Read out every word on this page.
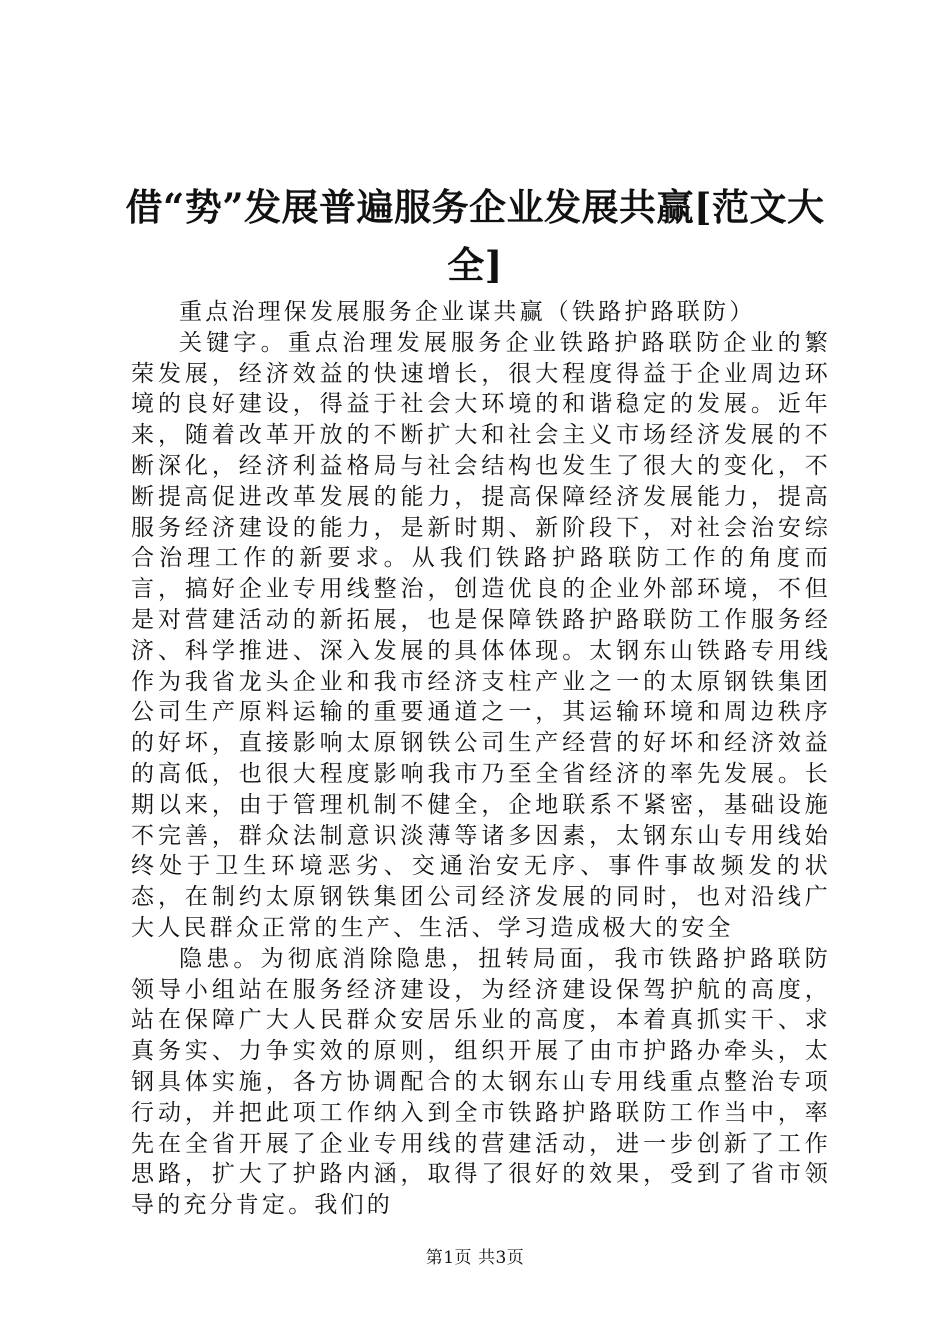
借“势”发展普遍服务企业发展共赢[范文大全]

重点治理保发展服务企业谋共赢（铁路护路联防）

关键字。重点治理发展服务企业铁路护路联防企业的繁荣发展，经济效益的快速增长，很大程度得益于企业周边环境的良好建设，得益于社会大环境的和谐稳定的发展。近年来，随着改革开放的不断扩大和社会主义市场经济发展的不断深化，经济利益格局与社会结构也发生了很大的变化，不断提高促进改革发展的能力，提高保障经济发展能力，提高服务经济建设的能力，是新时期、新阶段下，对社会治安综合治理工作的新要求。从我们铁路护路联防工作的角度而言，搞好企业专用线整治，创造优良的企业外部环境，不但是对营建活动的新拓展，也是保障铁路护路联防工作服务经济、科学推进、深入发展的具体体现。太钢东山铁路专用线作为我省龙头企业和我市经济支柱产业之一的太原钢铁集团公司生产原料运输的重要通道之一，其运输环境和周边秩序的好坏，直接影响太原钢铁公司生产经营的好坏和经济效益的高低，也很大程度影响我市乃至全省经济的率先发展。长期以来，由于管理机制不健全，企地联系不紧密，基础设施不完善，群众法制意识淡薄等诸多因素，太钢东山专用线始终处于卫生环境恶劣、交通治安无序、事件事故频发的状态，在制约太原钢铁集团公司经济发展的同时，也对沿线广大人民群众正常的生产、生活、学习造成极大的安全

隐患。为彻底消除隐患，扭转局面，我市铁路护路联防领导小组站在服务经济建设，为经济建设保驾护航的高度，站在保障广大人民群众安居乐业的高度，本着真抓实干、求真务实、力争实效的原则，组织开展了由市护路办牵头，太钢具体实施，各方协调配合的太钢东山专用线重点整治专项行动，并把此项工作纳入到全市铁路护路联防工作当中，率先在全省开展了企业专用线的营建活动，进一步创新了工作思路，扩大了护路内涵，取得了很好的效果，受到了省市领导的充分肯定。我们的

第1页 共3页
